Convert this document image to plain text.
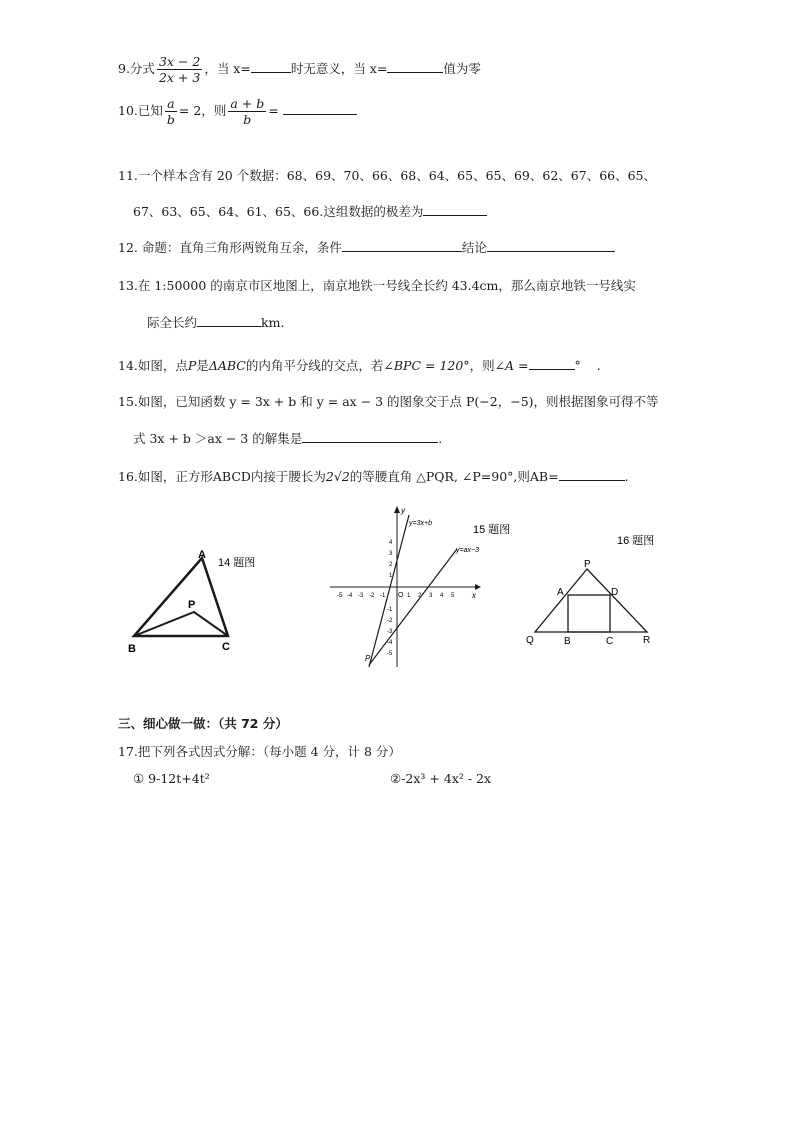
9.分式 $\frac{3x - 2}{2x + 3}$ ，当 x=	时无意义，当 x=	值为零
10.已知 $\frac{a}{b} = 2$，则 $\frac{a + b}{b}$ =
11.一个样本含有 20 个数据：68、69、70、66、68、64、65、65、69、62、67、66、65、
67、63、65、64、61、65、66.这组数据的极差为
12. 命题：直角三角形两锐角互余，条件	结论
13.在 1:50000 的南京市区地图上，南京地铁一号线全长约 43.4cm，那么南京地铁一号线实
际全长约	km.
14.如图，点P是ΔABC的内角平分线的交点，若∠BPC = 120°，则∠A =	° .
15.如图，已知函数 y = 3x + b 和 y = ax − 3 的图象交于点 P(−2，−5)，则根据图象可得不等
式 3x + b ＞ax − 3 的解集是	.
16.如图，正方形ABCD内接于腰长为2√2的等腰直角 △PQR, ∠P=90°,则AB=	.
A
B	C
P
14 题图
x
y
O
-5 -4 -3 -2 -1	1 2 3 4 5
4
3
2
1
-1
-2
-3
-4
-5
y=3x+b
y=ax−3
P
15 题图
P
A	D
Q	B	C	R
16 题图
三、细心做一做：（共 72 分）
17.把下列各式因式分解：（每小题 4 分，计 8 分）
① 9-12t+4t²	②-2x³ + 4x² - 2x
